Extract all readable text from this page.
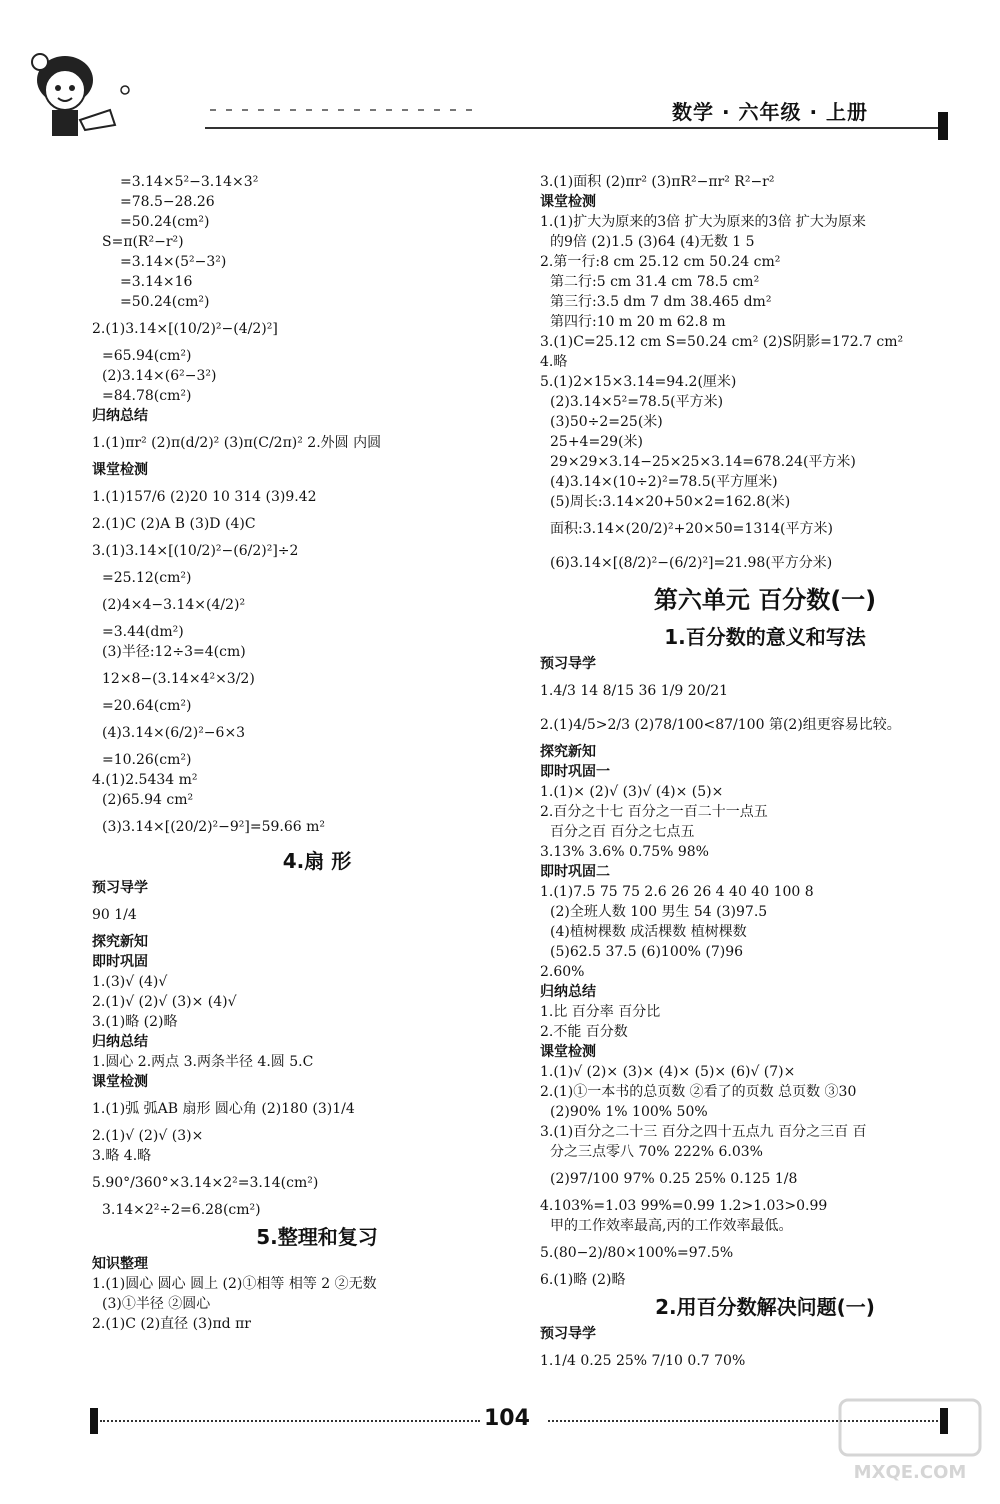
数学 · 六年级 · 上册
=3.14×5²−3.14×3²
=78.5−28.26
=50.24(cm²)
S=π(R²−r²)
=3.14×(5²−3²)
=3.14×16
=50.24(cm²)
2.(1)3.14×[(10/2)²−(4/2)²]
=65.94(cm²)
(2)3.14×(6²−3²)
=84.78(cm²)
归纳总结
1.(1)πr² (2)π(d/2)² (3)π(C/2π)² 2.外圆 内圆
课堂检测
1.(1)157/6 (2)20 10 314 (3)9.42
2.(1)C (2)A B (3)D (4)C
3.(1)3.14×[(10/2)²−(6/2)²]÷2
=25.12(cm²)
(2)4×4−3.14×(4/2)²
=3.44(dm²)
(3)半径:12÷3=4(cm)
12×8−(3.14×4²×3/2)
=20.64(cm²)
(4)3.14×(6/2)²−6×3
=10.26(cm²)
4.(1)2.5434 m²
(2)65.94 cm²
(3)3.14×[(20/2)²−9²]=59.66 m²
4.扇 形
预习导学
90 1/4
探究新知
即时巩固
1.(3)√ (4)√
2.(1)√ (2)√ (3)× (4)√
3.(1)略 (2)略
归纳总结
1.圆心 2.两点 3.两条半径 4.圆 5.C
课堂检测
1.(1)弧 弧AB 扇形 圆心角 (2)180 (3)1/4
2.(1)√ (2)√ (3)×
3.略 4.略
5.90°/360°×3.14×2²=3.14(cm²)
3.14×2²÷2=6.28(cm²)
5.整理和复习
知识整理
1.(1)圆心 圆心 圆上 (2)①相等 相等 2 ②无数
(3)①半径 ②圆心
2.(1)C (2)直径 (3)πd πr
3.(1)面积 (2)πr² (3)πR²−πr² R²−r²
课堂检测
1.(1)扩大为原来的3倍 扩大为原来的3倍 扩大为原来
的9倍 (2)1.5 (3)64 (4)无数 1 5
2.第一行:8 cm 25.12 cm 50.24 cm²
第二行:5 cm 31.4 cm 78.5 cm²
第三行:3.5 dm 7 dm 38.465 dm²
第四行:10 m 20 m 62.8 m
3.(1)C=25.12 cm S=50.24 cm² (2)S阴影=172.7 cm²
4.略
5.(1)2×15×3.14=94.2(厘米)
(2)3.14×5²=78.5(平方米)
(3)50÷2=25(米)
25+4=29(米)
29×29×3.14−25×25×3.14=678.24(平方米)
(4)3.14×(10÷2)²=78.5(平方厘米)
(5)周长:3.14×20+50×2=162.8(米)
面积:3.14×(20/2)²+20×50=1314(平方米)
(6)3.14×[(8/2)²−(6/2)²]=21.98(平方分米)
第六单元 百分数(一)
1.百分数的意义和写法
预习导学
1.4/3 14 8/15 36 1/9 20/21
2.(1)4/5>2/3 (2)78/100<87/100 第(2)组更容易比较。
探究新知
即时巩固一
1.(1)× (2)√ (3)√ (4)× (5)×
2.百分之十七 百分之一百二十一点五
百分之百 百分之七点五
3.13% 3.6% 0.75% 98%
即时巩固二
1.(1)7.5 75 75 2.6 26 26 4 40 40 100 8
(2)全班人数 100 男生 54 (3)97.5
(4)植树棵数 成活棵数 植树棵数
(5)62.5 37.5 (6)100% (7)96
2.60%
归纳总结
1.比 百分率 百分比
2.不能 百分数
课堂检测
1.(1)√ (2)× (3)× (4)× (5)× (6)√ (7)×
2.(1)①一本书的总页数 ②看了的页数 总页数 ③30
(2)90% 1% 100% 50%
3.(1)百分之二十三 百分之四十五点九 百分之三百 百
分之三点零八 70% 222% 6.03%
(2)97/100 97% 0.25 25% 0.125 1/8
4.103%=1.03 99%=0.99 1.2>1.03>0.99
甲的工作效率最高,丙的工作效率最低。
5.(80−2)/80×100%=97.5%
6.(1)略 (2)略
2.用百分数解决问题(一)
预习导学
1.1/4 0.25 25% 7/10 0.7 70%
104
MXQE.COM
